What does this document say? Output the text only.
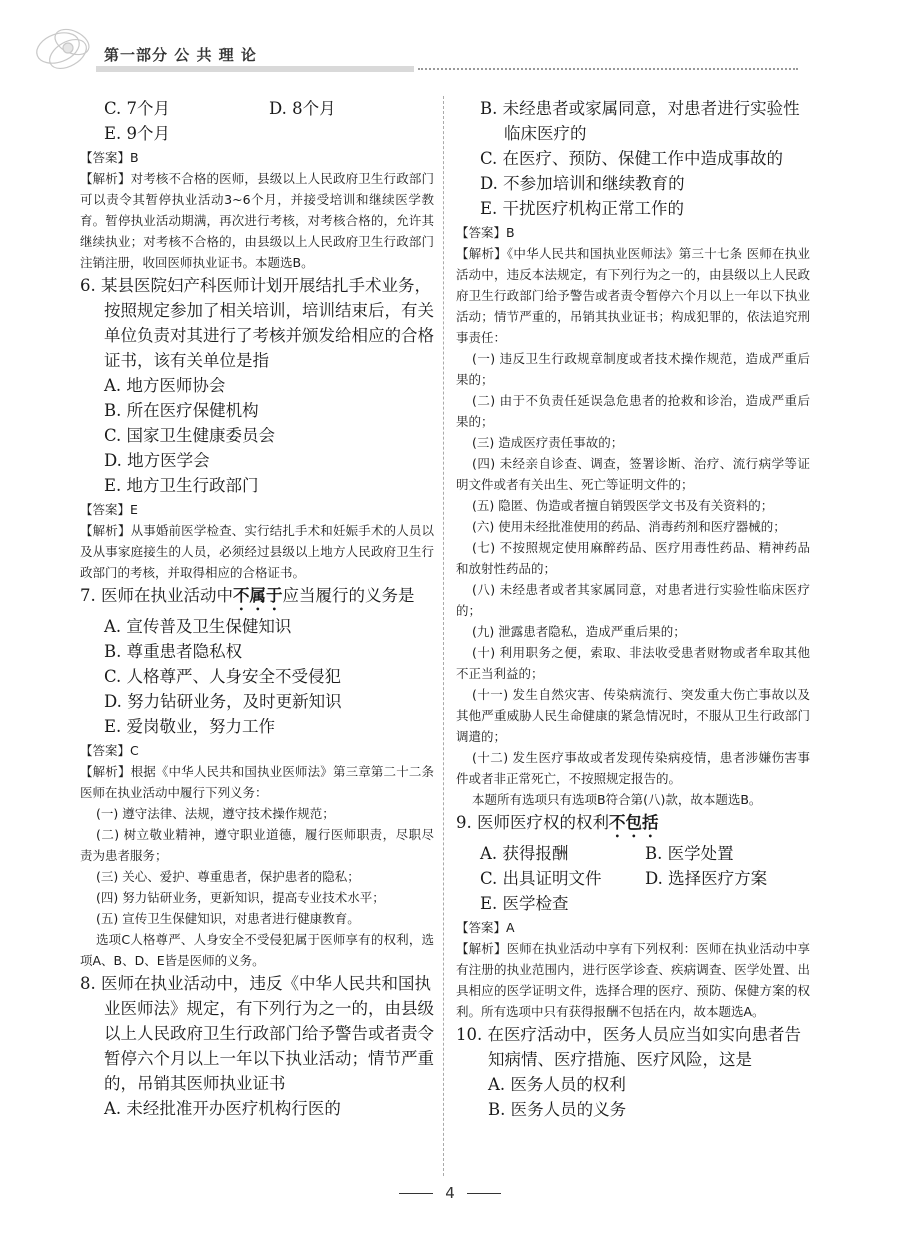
第一部分 公 共 理 论
C. 7个月	D. 8个月
E. 9个月
【答案】B
【解析】对考核不合格的医师，县级以上人民政府卫生行政部门可以责令其暂停执业活动3~6个月，并接受培训和继续医学教育。暂停执业活动期满，再次进行考核，对考核合格的，允许其继续执业；对考核不合格的，由县级以上人民政府卫生行政部门注销注册，收回医师执业证书。本题选B。
6. 某县医院妇产科医师计划开展结扎手术业务，按照规定参加了相关培训，培训结束后，有关单位负责对其进行了考核并颁发给相应的合格证书，该有关单位是指
A. 地方医师协会
B. 所在医疗保健机构
C. 国家卫生健康委员会
D. 地方医学会
E. 地方卫生行政部门
【答案】E
【解析】从事婚前医学检查、实行结扎手术和妊娠手术的人员以及从事家庭接生的人员，必须经过县级以上地方人民政府卫生行政部门的考核，并取得相应的合格证书。
7. 医师在执业活动中不属于应当履行的义务是
A. 宣传普及卫生保健知识
B. 尊重患者隐私权
C. 人格尊严、人身安全不受侵犯
D. 努力钻研业务，及时更新知识
E. 爱岗敬业，努力工作
【答案】C
【解析】根据《中华人民共和国执业医师法》第三章第二十二条 医师在执业活动中履行下列义务：
(一) 遵守法律、法规，遵守技术操作规范；
(二) 树立敬业精神，遵守职业道德，履行医师职责，尽职尽责为患者服务；
(三) 关心、爱护、尊重患者，保护患者的隐私；
(四) 努力钻研业务，更新知识，提高专业技术水平；
(五) 宣传卫生保健知识，对患者进行健康教育。
选项C人格尊严、人身安全不受侵犯属于医师享有的权利，选项A、B、D、E皆是医师的义务。
8. 医师在执业活动中，违反《中华人民共和国执业医师法》规定，有下列行为之一的，由县级以上人民政府卫生行政部门给予警告或者责令暂停六个月以上一年以下执业活动；情节严重的，吊销其医师执业证书
A. 未经批准开办医疗机构行医的
B. 未经患者或家属同意，对患者进行实验性临床医疗的
C. 在医疗、预防、保健工作中造成事故的
D. 不参加培训和继续教育的
E. 干扰医疗机构正常工作的
【答案】B
【解析】《中华人民共和国执业医师法》第三十七条 医师在执业活动中，违反本法规定，有下列行为之一的，由县级以上人民政府卫生行政部门给予警告或者责令暂停六个月以上一年以下执业活动；情节严重的，吊销其执业证书；构成犯罪的，依法追究刑事责任：
(一) 违反卫生行政规章制度或者技术操作规范，造成严重后果的；
(二) 由于不负责任延误急危患者的抢救和诊治，造成严重后果的；
(三) 造成医疗责任事故的；
(四) 未经亲自诊查、调查，签署诊断、治疗、流行病学等证明文件或者有关出生、死亡等证明文件的；
(五) 隐匿、伪造或者擅自销毁医学文书及有关资料的；
(六) 使用未经批准使用的药品、消毒药剂和医疗器械的；
(七) 不按照规定使用麻醉药品、医疗用毒性药品、精神药品和放射性药品的；
(八) 未经患者或者其家属同意，对患者进行实验性临床医疗的；
(九) 泄露患者隐私，造成严重后果的；
(十) 利用职务之便，索取、非法收受患者财物或者牟取其他不正当利益的；
(十一) 发生自然灾害、传染病流行、突发重大伤亡事故以及其他严重威胁人民生命健康的紧急情况时，不服从卫生行政部门调遣的；
(十二) 发生医疗事故或者发现传染病疫情，患者涉嫌伤害事件或者非正常死亡，不按照规定报告的。
本题所有选项只有选项B符合第(八)款，故本题选B。
9. 医师医疗权的权利不包括
A. 获得报酬	B. 医学处置
C. 出具证明文件	D. 选择医疗方案
E. 医学检查
【答案】A
【解析】医师在执业活动中享有下列权利：医师在执业活动中享有注册的执业范围内，进行医学诊查、疾病调查、医学处置、出具相应的医学证明文件，选择合理的医疗、预防、保健方案的权利。所有选项中只有获得报酬不包括在内，故本题选A。
10. 在医疗活动中，医务人员应当如实向患者告知病情、医疗措施、医疗风险，这是
A. 医务人员的权利
B. 医务人员的义务
4
